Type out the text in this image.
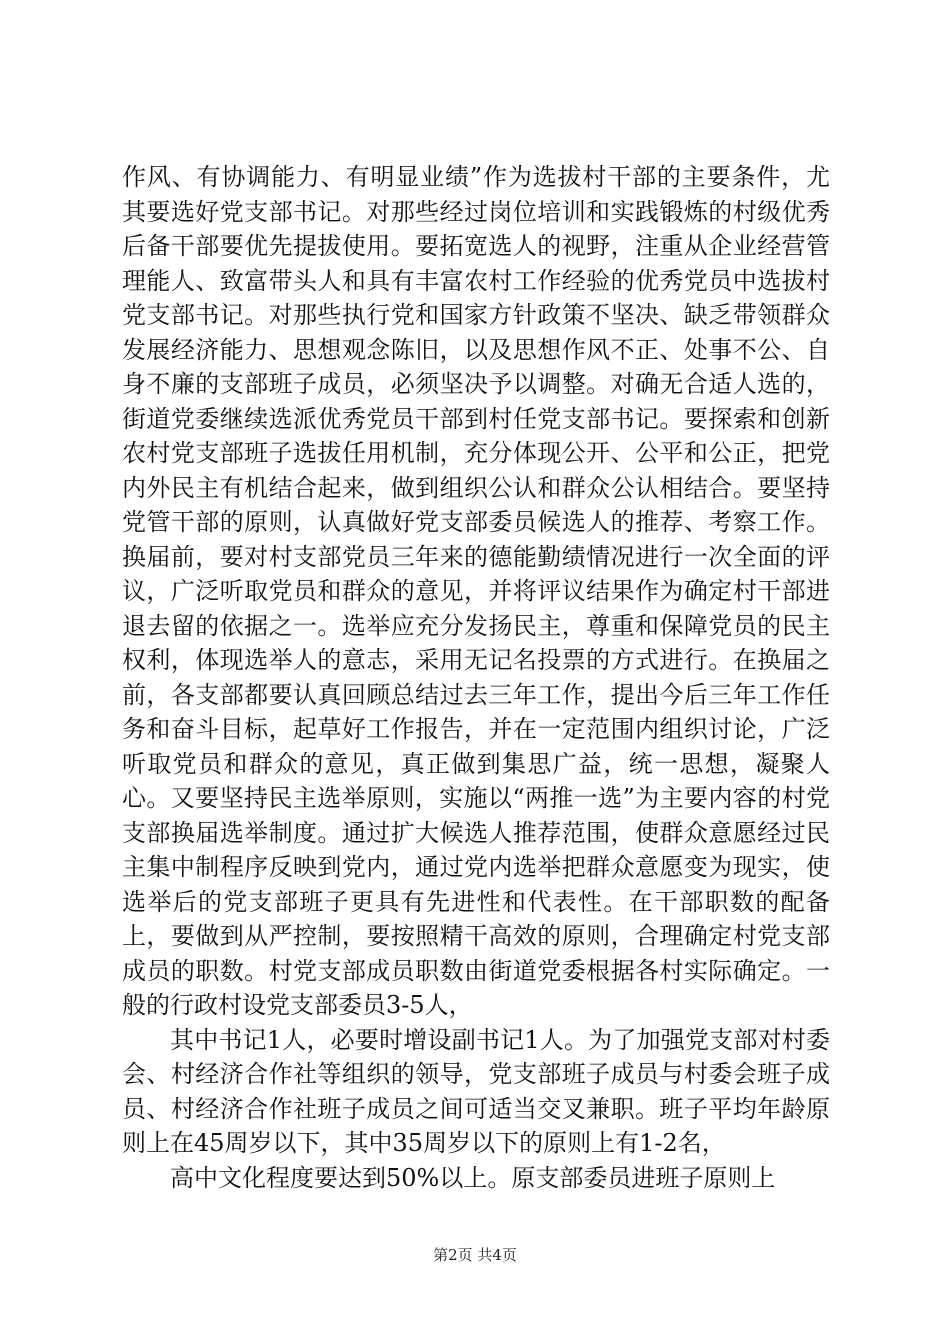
作风、有协调能力、有明显业绩”作为选拔村干部的主要条件，尤其要选好党支部书记。对那些经过岗位培训和实践锻炼的村级优秀后备干部要优先提拔使用。要拓宽选人的视野，注重从企业经营管理能人、致富带头人和具有丰富农村工作经验的优秀党员中选拔村党支部书记。对那些执行党和国家方针政策不坚决、缺乏带领群众发展经济能力、思想观念陈旧，以及思想作风不正、处事不公、自身不廉的支部班子成员，必须坚决予以调整。对确无合适人选的，街道党委继续选派优秀党员干部到村任党支部书记。要探索和创新农村党支部班子选拔任用机制，充分体现公开、公平和公正，把党内外民主有机结合起来，做到组织公认和群众公认相结合。要坚持党管干部的原则，认真做好党支部委员候选人的推荐、考察工作。换届前，要对村支部党员三年来的德能勤绩情况进行一次全面的评议，广泛听取党员和群众的意见，并将评议结果作为确定村干部进退去留的依据之一。选举应充分发扬民主，尊重和保障党员的民主权利，体现选举人的意志，采用无记名投票的方式进行。在换届之前，各支部都要认真回顾总结过去三年工作，提出今后三年工作任务和奋斗目标，起草好工作报告，并在一定范围内组织讨论，广泛听取党员和群众的意见，真正做到集思广益，统一思想，凝聚人心。又要坚持民主选举原则，实施以“两推一选”为主要内容的村党支部换届选举制度。通过扩大候选人推荐范围，使群众意愿经过民主集中制程序反映到党内，通过党内选举把群众意愿变为现实，使选举后的党支部班子更具有先进性和代表性。在干部职数的配备上，要做到从严控制，要按照精干高效的原则，合理确定村党支部成员的职数。村党支部成员职数由街道党委根据各村实际确定。一般的行政村设党支部委员3-5人，

其中书记1人，必要时增设副书记1人。为了加强党支部对村委会、村经济合作社等组织的领导，党支部班子成员与村委会班子成员、村经济合作社班子成员之间可适当交叉兼职。班子平均年龄原则上在45周岁以下，其中35周岁以下的原则上有1-2名，

高中文化程度要达到50%以上。原支部委员进班子原则上

第2页 共4页
